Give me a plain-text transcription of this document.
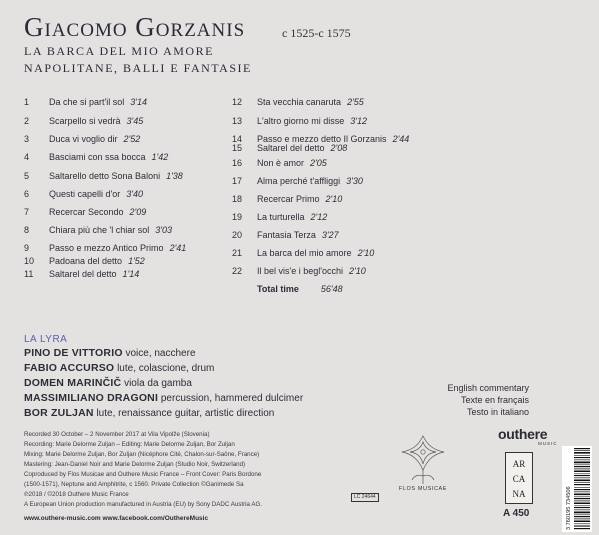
Giacomo Gorzanis	c 1525-c 1575
LA BARCA DEL MIO AMORE
NAPOLITANE, BALLI E FANTASIE
1 Da che si part'il sol 3'14
2 Scarpello si vedrà 3'45
3 Duca vi voglio dir 2'52
4 Basciami con ssa bocca 1'42
5 Saltarello detto Sona Baloni 1'38
6 Questi capelli d'or 3'40
7 Recercar Secondo 2'09
8 Chiara più che 'l chiar sol 3'03
9 Passo e mezzo Antico Primo 2'41
10 Padoana del detto 1'52
11 Saltarel del detto 1'14
12 Sta vecchia canaruta 2'55
13 L'altro giorno mi disse 3'12
14 Passo e mezzo detto Il Gorzanis 2'44
15 Saltarel del detto 2'08
16 Non è amor 2'05
17 Alma perché t'affliggi 3'30
18 Recercar Primo 2'10
19 La turturella 2'12
20 Fantasia Terza 3'27
21 La barca del mio amore 2'10
22 Il bel vis'e i begl'occhi 2'10
Total time 56'48
LA LYRA
PINO DE VITTORIO voice, nacchere
FABIO ACCURSO lute, colascione, drum
DOMEN MARINČIČ viola da gamba
MASSIMILIANO DRAGONI percussion, hammered dulcimer
BOR ZULJAN lute, renaissance guitar, artistic direction
Recorded 30 October – 2 November 2017 at Vila Vipolže (Slovenia)
Recording: Marie Delorme Zuljan – Editing: Marie Delorme Zuljan, Bor Zuljan
Mixing: Marie Delorme Zuljan, Bor Zuljan (Nicéphore Cité, Chalon-sur-Saône, France)
Mastering: Jean-Daniel Noir and Marie Delorme Zuljan (Studio Noir, Switzerland)
Coproduced by Flos Musicae and Outhere Music France – Front Cover: Paris Bordone
(1500-1571), Neptune and Amphitrite, c 1560. Private Collection ©Ganimede Sa
℗2018 / ©2018 Outhere Music France
A European Union production manufactured in Austria (EU) by Sony DADC Austria AG.
www.outhere-music.com www.facebook.com/OuthereMusic
LC 24644
English commentary
Texte en français
Testo in italiano
outhere
MUSIC
FLOS MUSICAE
AR
CA
NA
A 450	3 760195 734506
